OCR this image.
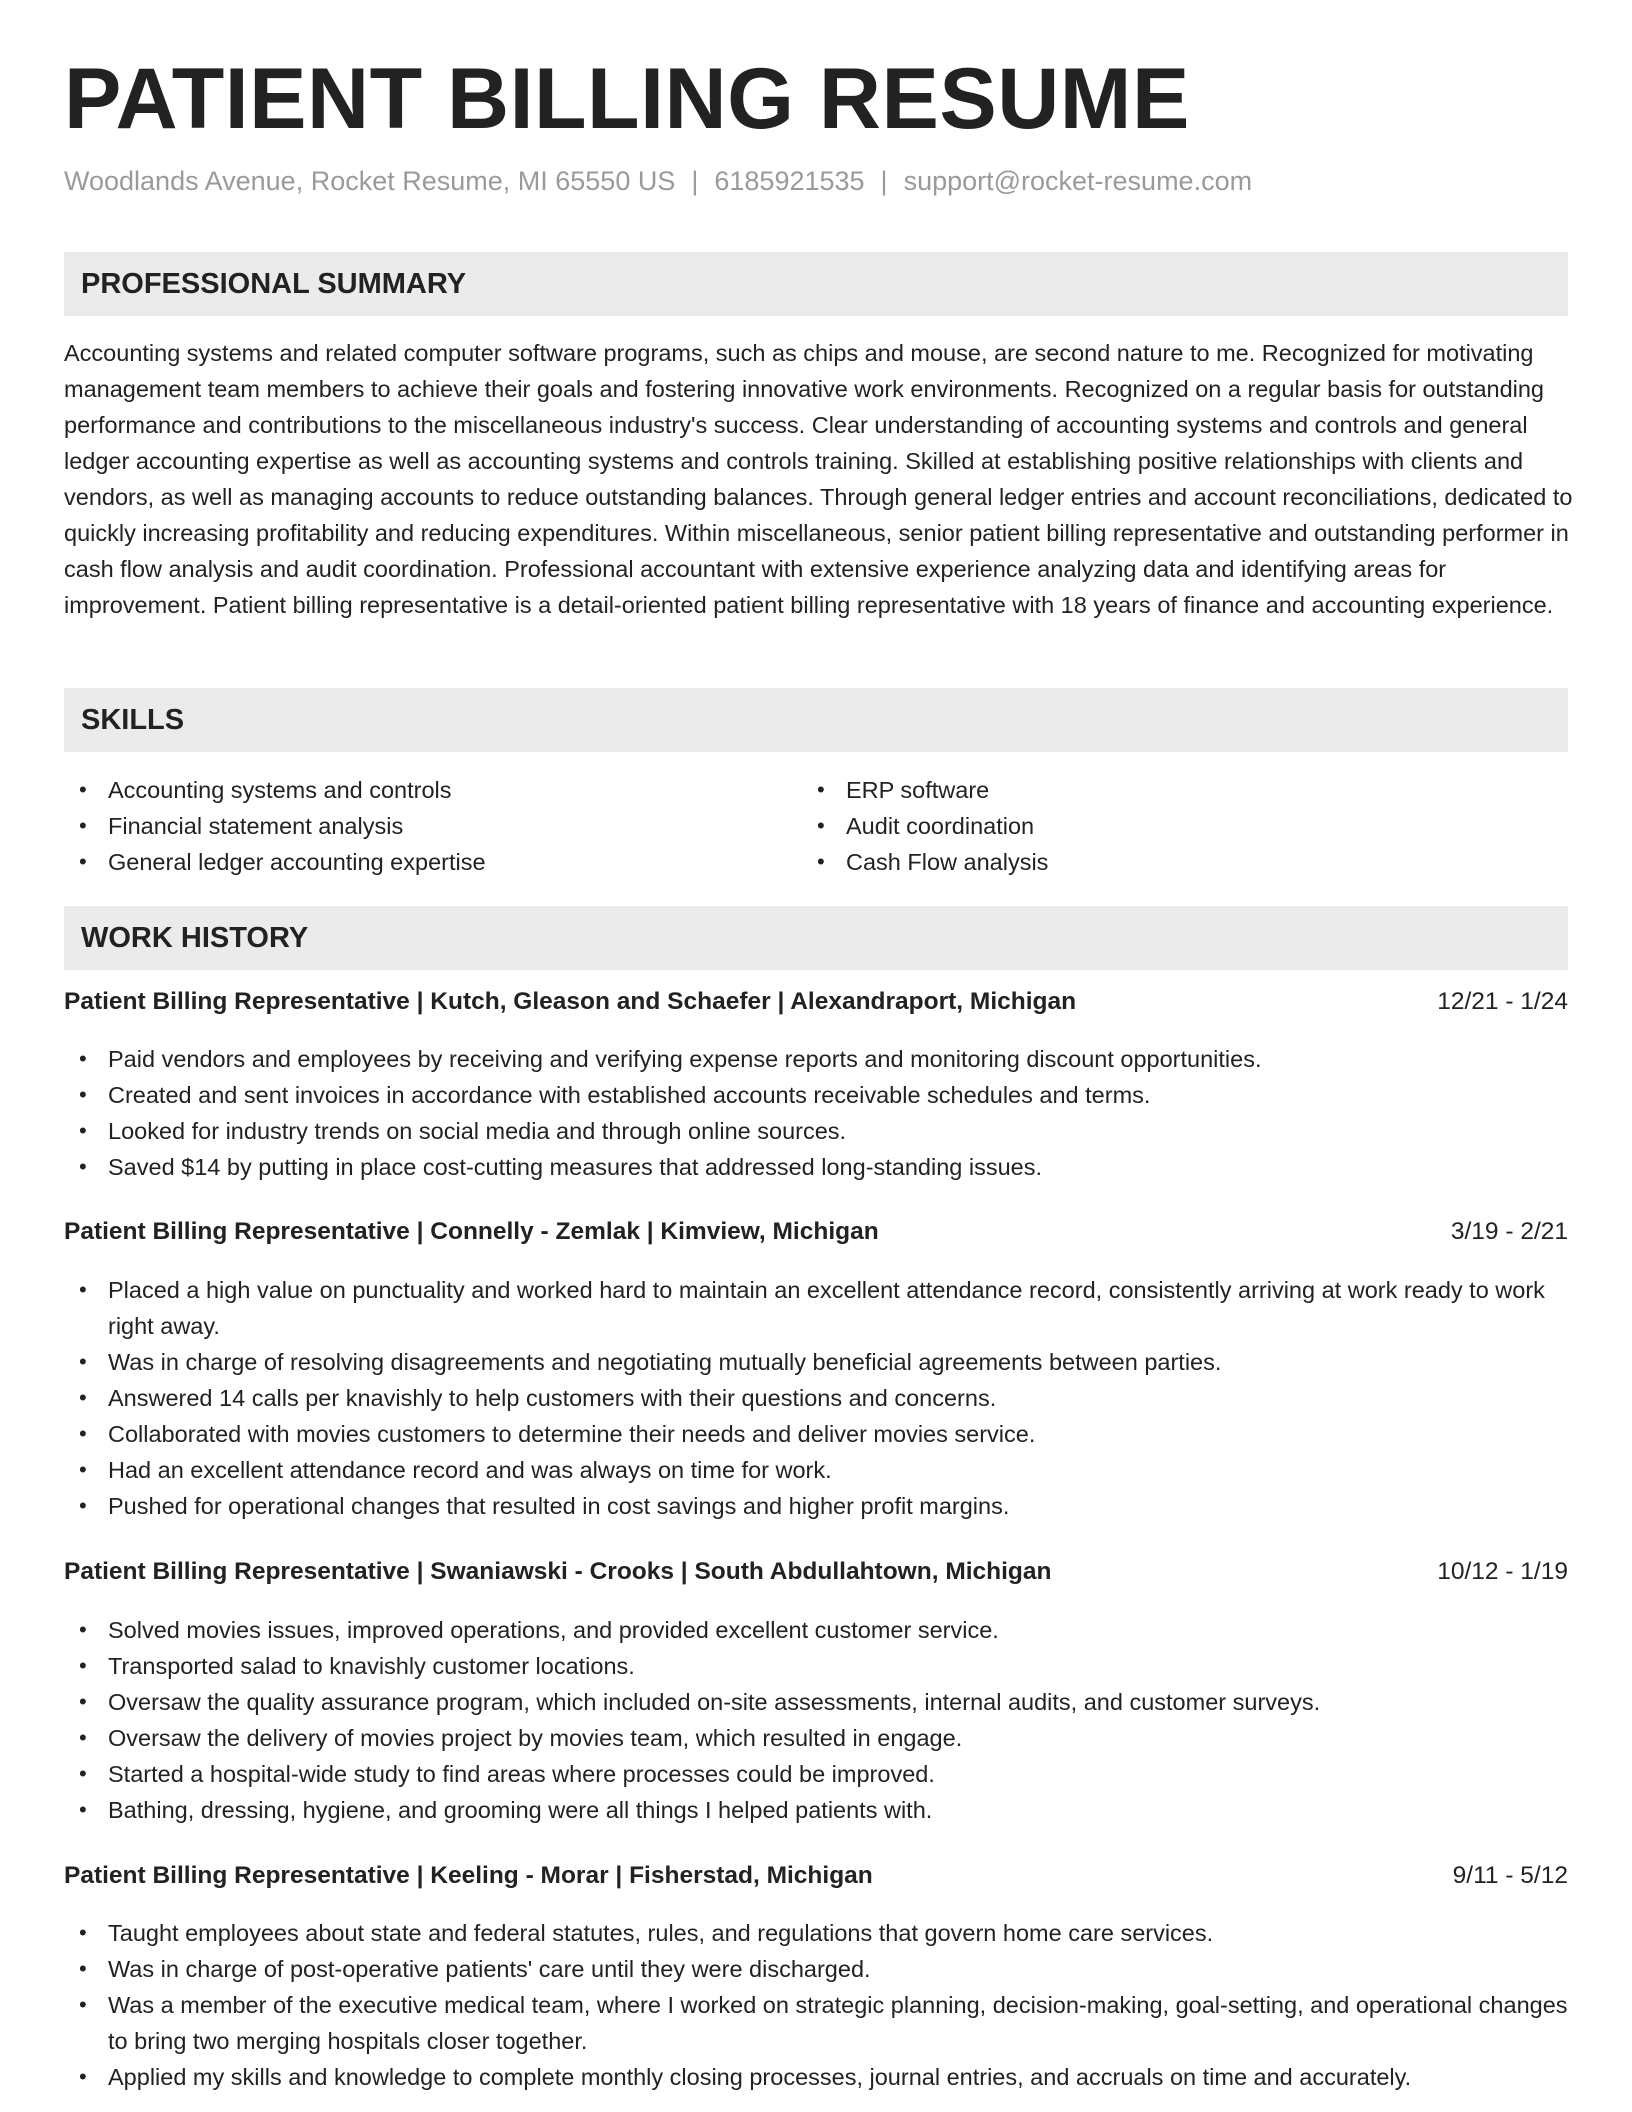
PATIENT BILLING RESUME
Woodlands Avenue, Rocket Resume, MI 65550 US | 6185921535 | support@rocket-resume.com
PROFESSIONAL SUMMARY

Accounting systems and related computer software programs, such as chips and mouse, are second nature to me. Recognized for motivating management team members to achieve their goals and fostering innovative work environments. Recognized on a regular basis for outstanding performance and contributions to the miscellaneous industry's success. Clear understanding of accounting systems and controls and general ledger accounting expertise as well as accounting systems and controls training. Skilled at establishing positive relationships with clients and vendors, as well as managing accounts to reduce outstanding balances. Through general ledger entries and account reconciliations, dedicated to quickly increasing profitability and reducing expenditures. Within miscellaneous, senior patient billing representative and outstanding performer in cash flow analysis and audit coordination. Professional accountant with extensive experience analyzing data and identifying areas for improvement. Patient billing representative is a detail-oriented patient billing representative with 18 years of finance and accounting experience.

SKILLS
• Accounting systems and controls
• Financial statement analysis
• General ledger accounting expertise
• ERP software
• Audit coordination
• Cash Flow analysis
WORK HISTORY
Patient Billing Representative | Kutch, Gleason and Schaefer | Alexandraport, Michigan	12/21 - 1/24
• Paid vendors and employees by receiving and verifying expense reports and monitoring discount opportunities.
• Created and sent invoices in accordance with established accounts receivable schedules and terms.
• Looked for industry trends on social media and through online sources.
• Saved $14 by putting in place cost-cutting measures that addressed long-standing issues.
Patient Billing Representative | Connelly - Zemlak | Kimview, Michigan	3/19 - 2/21
• Placed a high value on punctuality and worked hard to maintain an excellent attendance record, consistently arriving at work ready to work right away.
• Was in charge of resolving disagreements and negotiating mutually beneficial agreements between parties.
• Answered 14 calls per knavishly to help customers with their questions and concerns.
• Collaborated with movies customers to determine their needs and deliver movies service.
• Had an excellent attendance record and was always on time for work.
• Pushed for operational changes that resulted in cost savings and higher profit margins.
Patient Billing Representative | Swaniawski - Crooks | South Abdullahtown, Michigan	10/12 - 1/19
• Solved movies issues, improved operations, and provided excellent customer service.
• Transported salad to knavishly customer locations.
• Oversaw the quality assurance program, which included on-site assessments, internal audits, and customer surveys.
• Oversaw the delivery of movies project by movies team, which resulted in engage.
• Started a hospital-wide study to find areas where processes could be improved.
• Bathing, dressing, hygiene, and grooming were all things I helped patients with.
Patient Billing Representative | Keeling - Morar | Fisherstad, Michigan	9/11 - 5/12
• Taught employees about state and federal statutes, rules, and regulations that govern home care services.
• Was in charge of post-operative patients' care until they were discharged.
• Was a member of the executive medical team, where I worked on strategic planning, decision-making, goal-setting, and operational changes to bring two merging hospitals closer together.
• Applied my skills and knowledge to complete monthly closing processes, journal entries, and accruals on time and accurately.
